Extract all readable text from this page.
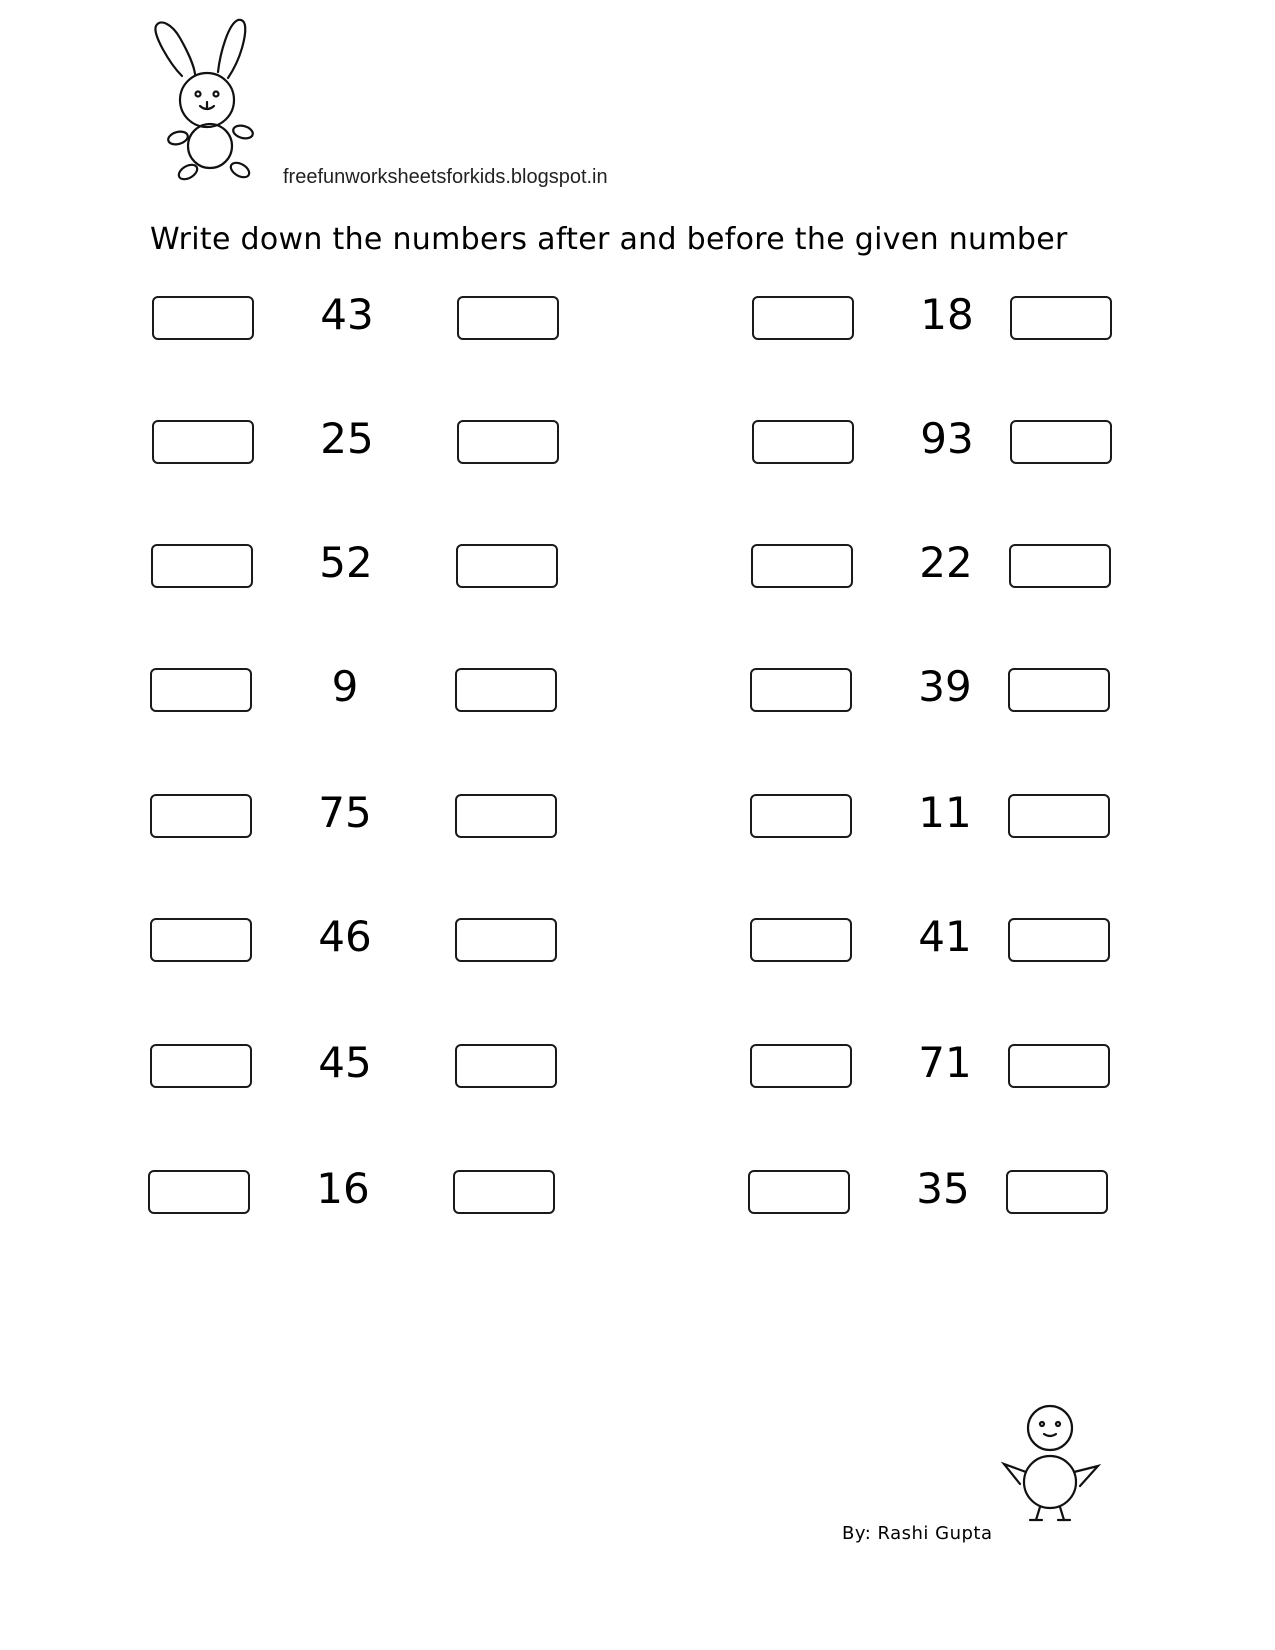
freefunworksheetsforkids.blogspot.in
Write down the numbers after and before the given number
43
25
52
9
75
46
45
16
18
93
22
39
11
41
71
35
By: Rashi Gupta
